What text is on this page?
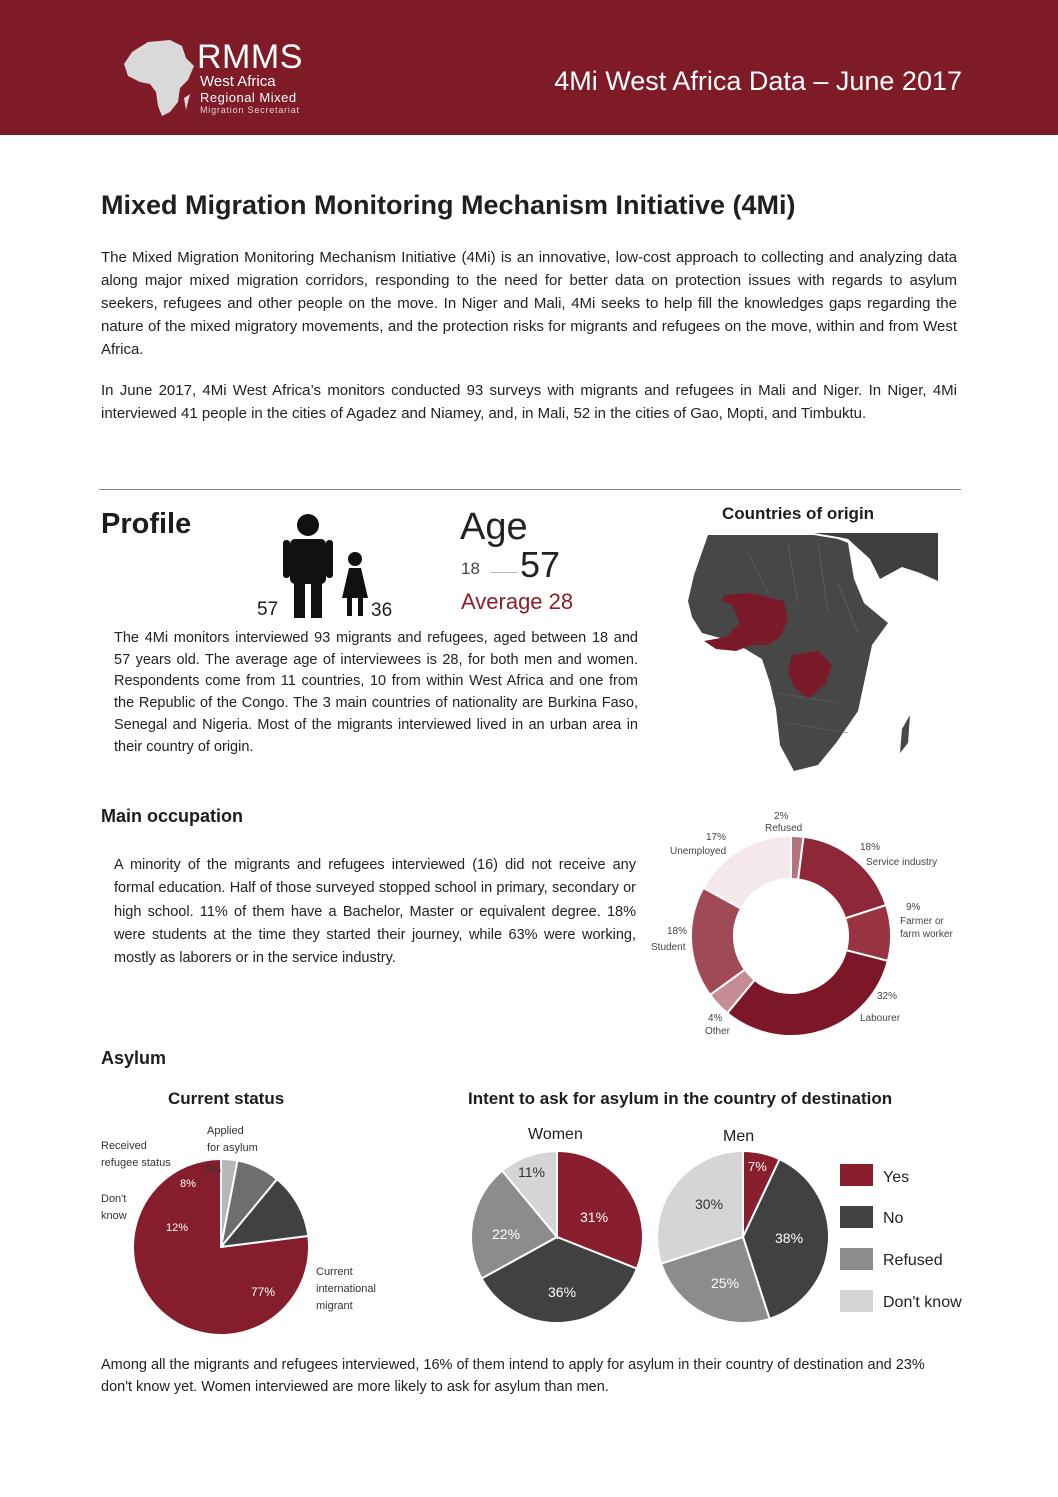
RMMS
West Africa
Regional Mixed
Migration Secretariat
4Mi West Africa Data – June 2017
Mixed Migration Monitoring Mechanism Initiative (4Mi)

The Mixed Migration Monitoring Mechanism Initiative (4Mi) is an innovative, low-cost approach to collecting and analyzing data along major mixed migration corridors, responding to the need for better data on protection issues with regards to asylum seekers, refugees and other people on the move. In Niger and Mali, 4Mi seeks to help fill the knowledges gaps regarding the nature of the mixed migratory movements, and the protection risks for migrants and refugees on the move, within and from West Africa.

In June 2017, 4Mi West Africa’s monitors conducted 93 surveys with migrants and refugees in Mali and Niger. In Niger, 4Mi interviewed 41 people in the cities of Agadez and Niamey, and, in Mali, 52 in the cities of Gao, Mopti, and Timbuktu.

Profile
57	36
Age
18 57
Average 28

The 4Mi monitors interviewed 93 migrants and refugees, aged between 18 and 57 years old. The average age of interviewees is 28, for both men and women. Respondents come from 11 countries, 10 from within West Africa and one from the Republic of the Congo. The 3 main countries of nationality are Burkina Faso, Senegal and Nigeria. Most of the migrants interviewed lived in an urban area in their country of origin.

Countries of origin
Main occupation

A minority of the migrants and refugees interviewed (16) did not receive any formal education. Half of those surveyed stopped school in primary, secondary or high school. 11% of them have a Bachelor, Master or equivalent degree. 18% were students at the time they started their journey, while 63% were working, mostly as laborers or in the service industry.

2%
Refused
17%
Unemployed	18%
Service industry
9%
Farmer or
farm worker
18%
Student
32%
Labourer
4%
Other
Asylum
Current status
Applied
for asylum
Received
refugee status
Don't
know
Current
international
migrant
3%
8%
12%
77%
Intent to ask for asylum in the country of destination
Women	Men
31%
36%
22%
11%	7%
38%
25%
30%
Yes
No
Refused
Don't know

Among all the migrants and refugees interviewed, 16% of them intend to apply for asylum in their country of destination and 23% don't know yet. Women interviewed are more likely to ask for asylum than men.
